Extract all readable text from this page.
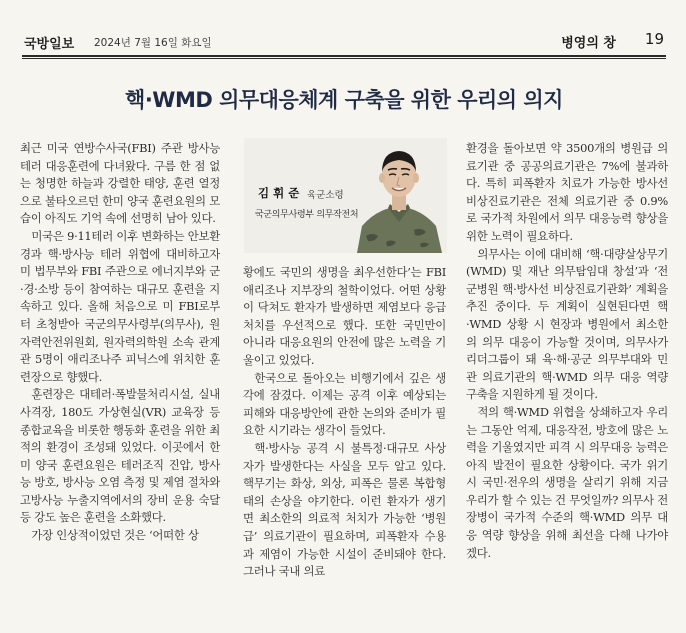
국방일보 2024년 7월 16일 화요일	병영의 창 19
핵·WMD 의무대응체계 구축을 위한 우리의 의지

최근 미국 연방수사국(FBI) 주관 방사능 테러 대응훈련에 다녀왔다. 구름 한 점 없는 청명한 하늘과 강렬한 태양, 훈련 열정으로 불타오르던 한미 양국 훈련요원의 모습이 아직도 기억 속에 선명히 남아 있다.

미국은 9·11테러 이후 변화하는 안보환경과 핵·방사능 테러 위협에 대비하고자 미 법무부와 FBI 주관으로 에너지부와 군·경·소방 등이 참여하는 대규모 훈련을 지속하고 있다. 올해 처음으로 미 FBI로부터 초청받아 국군의무사령부(의무사), 원자력안전위원회, 원자력의학원 소속 관계관 5명이 애리조나주 피닉스에 위치한 훈련장으로 향했다.

훈련장은 대테러·폭발물처리시설, 실내사격장, 180도 가상현실(VR) 교육장 등 종합교육을 비롯한 행동화 훈련을 위한 최적의 환경이 조성돼 있었다. 이곳에서 한미 양국 훈련요원은 테러조직 진압, 방사능 방호, 방사능 오염 측정 및 제염 절차와 고방사능 누출지역에서의 장비 운용 숙달 등 강도 높은 훈련을 소화했다.

가장 인상적이었던 것은 ‘어떠한 상

김 휘 준 육군소령
국군의무사령부 의무작전처

황에도 국민의 생명을 최우선한다’는 FBI 애리조나 지부장의 철학이었다. 어떤 상황이 닥쳐도 환자가 발생하면 제염보다 응급처치를 우선적으로 했다. 또한 국민만이 아니라 대응요원의 안전에 많은 노력을 기울이고 있었다.

한국으로 돌아오는 비행기에서 깊은 생각에 잠겼다. 이제는 공격 이후 예상되는 피해와 대응방안에 관한 논의와 준비가 필요한 시기라는 생각이 들었다.

핵·방사능 공격 시 불특정·대규모 사상자가 발생한다는 사실을 모두 알고 있다. 핵무기는 화상, 외상, 피폭은 물론 복합형태의 손상을 야기한다. 이런 환자가 생기면 최소한의 의료적 처치가 가능한 ‘병원급’ 의료기관이 필요하며, 피폭환자 수용과 제염이 가능한 시설이 준비돼야 한다. 그러나 국내 의료

환경을 돌아보면 약 3500개의 병원급 의료기관 중 공공의료기관은 7%에 불과하다. 특히 피폭환자 치료가 가능한 방사선 비상진료기관은 전체 의료기관 중 0.9%로 국가적 차원에서 의무 대응능력 향상을 위한 노력이 필요하다.

의무사는 이에 대비해 ‘핵·대량살상무기(WMD) 및 재난 의무탐임대 창설’과 ‘전 군병원 핵·방사선 비상진료기관화’ 계획을 추진 중이다. 두 계획이 실현된다면 핵·WMD 상황 시 현장과 병원에서 최소한의 의무 대응이 가능할 것이며, 의무사가 리더그룹이 돼 육·해·공군 의무부대와 민관 의료기관의 핵·WMD 의무 대응 역량 구축을 지원하게 될 것이다.

적의 핵·WMD 위협을 상쇄하고자 우리는 그동안 억제, 대응작전, 방호에 많은 노력을 기울였지만 피격 시 의무대응 능력은 아직 발전이 필요한 상황이다. 국가 위기 시 국민·전우의 생명을 살리기 위해 지금 우리가 할 수 있는 건 무엇일까? 의무사 전 장병이 국가적 수준의 핵·WMD 의무 대응 역량 향상을 위해 최선을 다해 나가야겠다.
